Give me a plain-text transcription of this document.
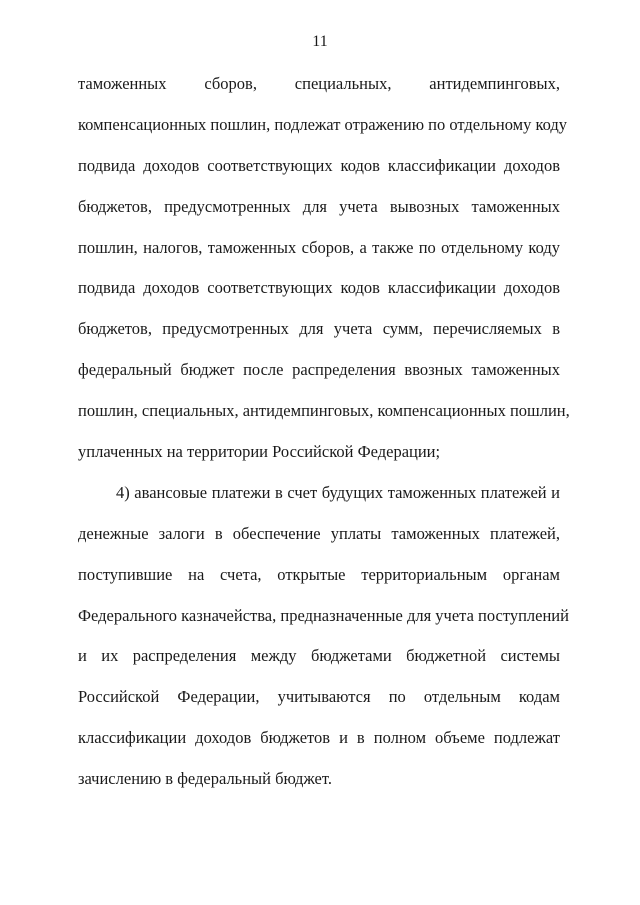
11
таможенных сборов, специальных, антидемпинговых,
компенсационных пошлин, подлежат отражению по отдельному коду
подвида доходов соответствующих кодов классификации доходов
бюджетов, предусмотренных для учета вывозных таможенных
пошлин, налогов, таможенных сборов, а также по отдельному коду
подвида доходов соответствующих кодов классификации доходов
бюджетов, предусмотренных для учета сумм, перечисляемых в
федеральный бюджет после распределения ввозных таможенных
пошлин, специальных, антидемпинговых, компенсационных пошлин,
уплаченных на территории Российской Федерации;
4) авансовые платежи в счет будущих таможенных платежей и
денежные залоги в обеспечение уплаты таможенных платежей,
поступившие на счета, открытые территориальным органам
Федерального казначейства, предназначенные для учета поступлений
и их распределения между бюджетами бюджетной системы
Российской Федерации, учитываются по отдельным кодам
классификации доходов бюджетов и в полном объеме подлежат
зачислению в федеральный бюджет.
